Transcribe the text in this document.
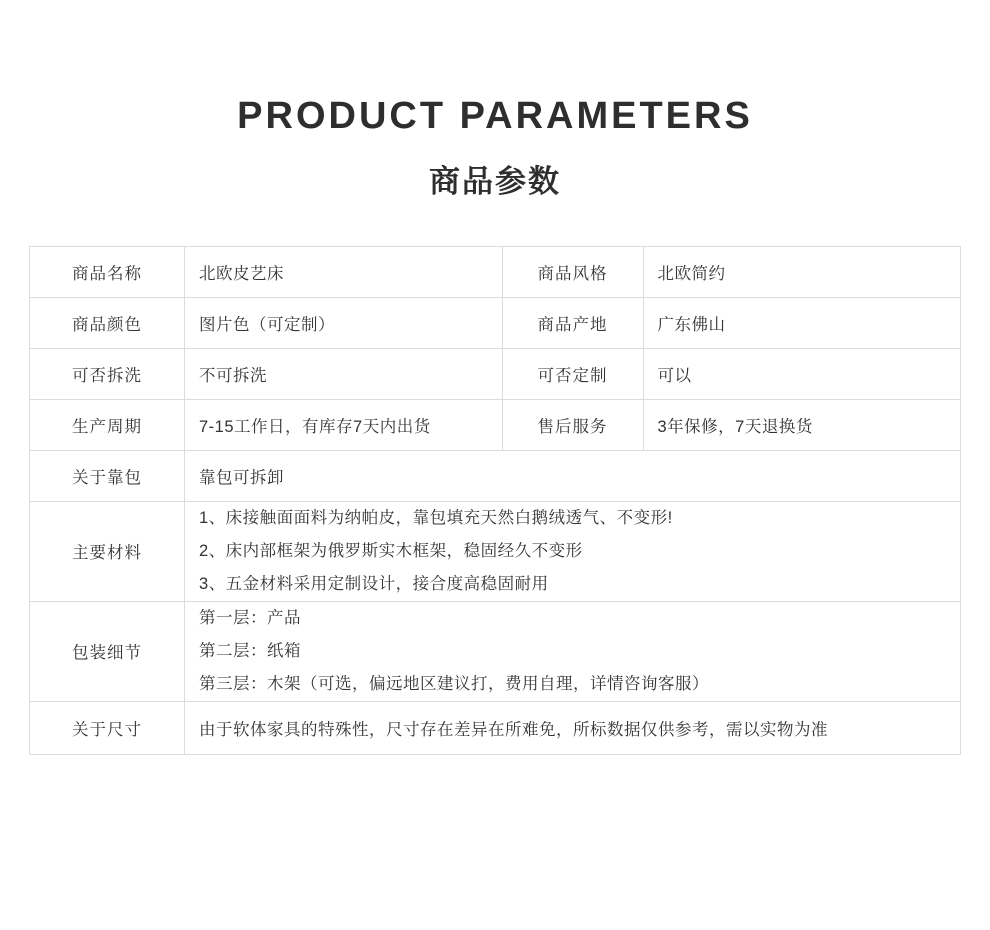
PRODUCT PARAMETERS
商品参数
商品名称	北欧皮艺床	商品风格	北欧简约
商品颜色	图片色（可定制）	商品产地	广东佛山
可否拆洗	不可拆洗	可否定制	可以
生产周期	7-15工作日，有库存7天内出货	售后服务	3年保修，7天退换货
关于靠包	靠包可拆卸		
主要材料	1、床接触面面料为纳帕皮，靠包填充天然白鹅绒透气、不变形!
2、床内部框架为俄罗斯实木框架，稳固经久不变形
3、五金材料采用定制设计，接合度高稳固耐用		

包装细节	第一层：产品
第二层：纸箱
第三层：木架（可选，偏远地区建议打，费用自理，详情咨询客服）		

关于尺寸	由于软体家具的特殊性，尺寸存在差异在所难免，所标数据仅供参考，需以实物为准		
